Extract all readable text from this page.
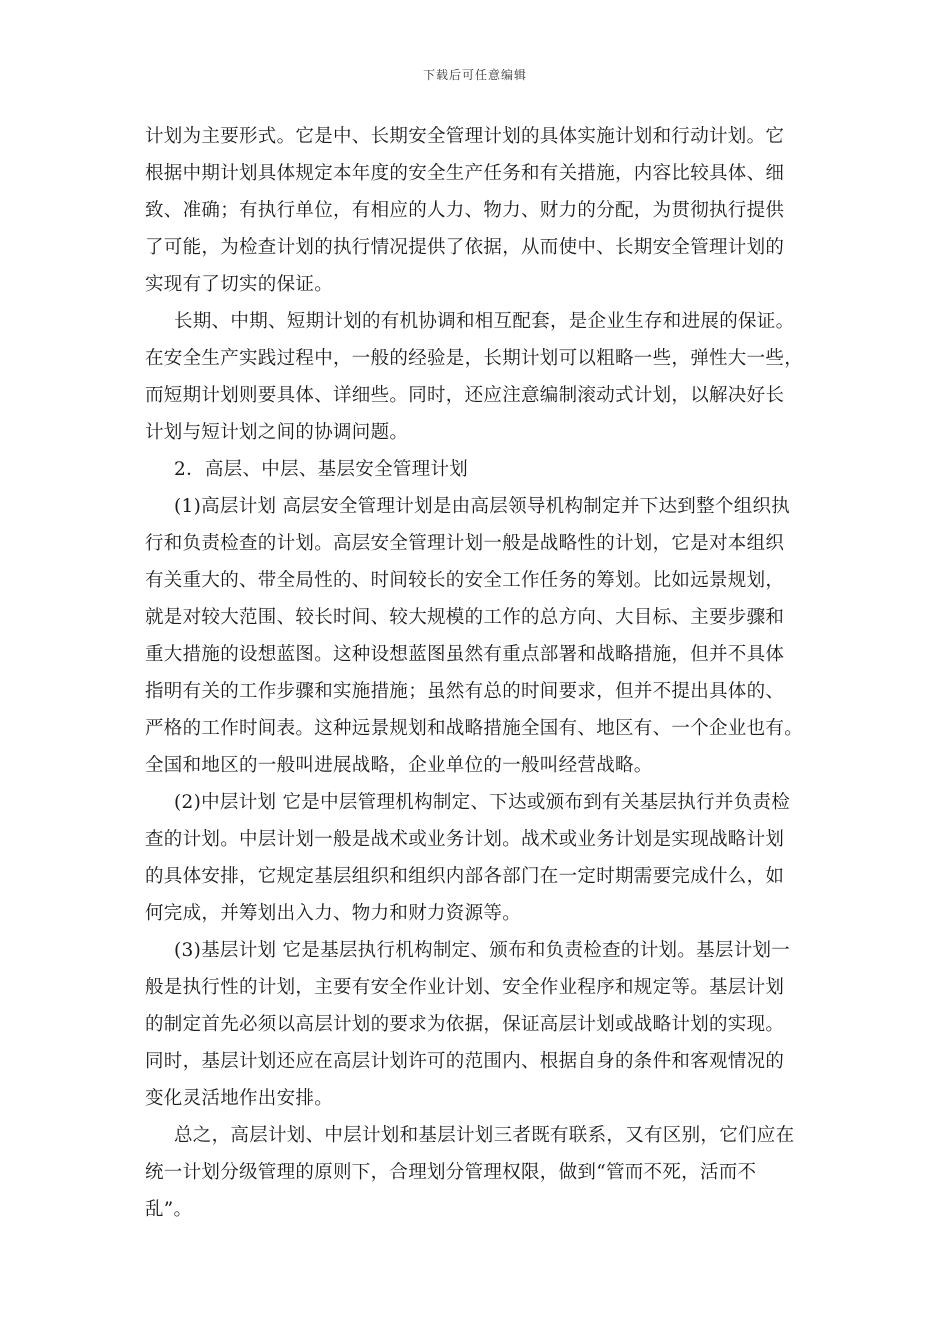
下载后可任意编辑
计划为主要形式。它是中、长期安全管理计划的具体实施计划和行动计划。它
根据中期计划具体规定本年度的安全生产任务和有关措施，内容比较具体、细
致、准确；有执行单位，有相应的人力、物力、财力的分配，为贯彻执行提供
了可能，为检查计划的执行情况提供了依据，从而使中、长期安全管理计划的
实现有了切实的保证。
长期、中期、短期计划的有机协调和相互配套，是企业生存和进展的保证。
在安全生产实践过程中，一般的经验是，长期计划可以粗略一些，弹性大一些，
而短期计划则要具体、详细些。同时，还应注意编制滚动式计划，以解决好长
计划与短计划之间的协调问题。
2．高层、中层、基层安全管理计划
(1)高层计划 高层安全管理计划是由高层领导机构制定并下达到整个组织执
行和负责检查的计划。高层安全管理计划一般是战略性的计划，它是对本组织
有关重大的、带全局性的、时间较长的安全工作任务的筹划。比如远景规划，
就是对较大范围、较长时间、较大规模的工作的总方向、大目标、主要步骤和
重大措施的设想蓝图。这种设想蓝图虽然有重点部署和战略措施，但并不具体
指明有关的工作步骤和实施措施；虽然有总的时间要求，但并不提出具体的、
严格的工作时间表。这种远景规划和战略措施全国有、地区有、一个企业也有。
全国和地区的一般叫进展战略，企业单位的一般叫经营战略。
(2)中层计划 它是中层管理机构制定、下达或颁布到有关基层执行并负责检
查的计划。中层计划一般是战术或业务计划。战术或业务计划是实现战略计划
的具体安排，它规定基层组织和组织内部各部门在一定时期需要完成什么，如
何完成，并筹划出入力、物力和财力资源等。
(3)基层计划 它是基层执行机构制定、颁布和负责检查的计划。基层计划一
般是执行性的计划，主要有安全作业计划、安全作业程序和规定等。基层计划
的制定首先必须以高层计划的要求为依据，保证高层计划或战略计划的实现。
同时，基层计划还应在高层计划许可的范围内、根据自身的条件和客观情况的
变化灵活地作出安排。
总之，高层计划、中层计划和基层计划三者既有联系，又有区别，它们应在
统一计划分级管理的原则下，合理划分管理权限，做到“管而不死，活而不
乱”。
